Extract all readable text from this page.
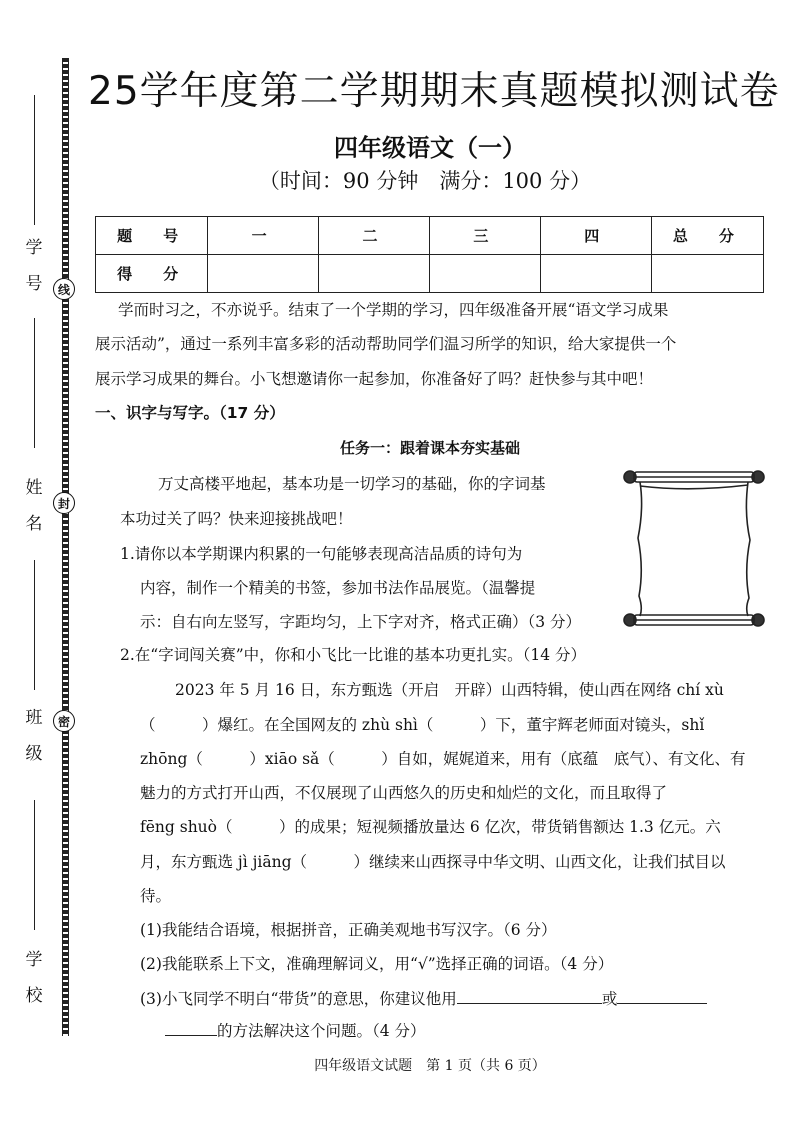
学 号
姓 名
班 级
学 校
线
封
密
25学年度第二学期期末真题模拟测试卷
四年级语文（一）
（时间：90 分钟　满分：100 分）
题　号	一	二	三	四	总　分
得　分					
学而时习之，不亦说乎。结束了一个学期的学习，四年级准备开展“语文学习成果
展示活动”，通过一系列丰富多彩的活动帮助同学们温习所学的知识，给大家提供一个
展示学习成果的舞台。小飞想邀请你一起参加，你准备好了吗？赶快参与其中吧！
一、识字与写字。（17 分）
任务一：跟着课本夯实基础
万丈高楼平地起，基本功是一切学习的基础，你的字词基
本功过关了吗？快来迎接挑战吧！
1.请你以本学期课内积累的一句能够表现高洁品质的诗句为
内容，制作一个精美的书签，参加书法作品展览。（温馨提
示：自右向左竖写，字距均匀，上下字对齐，格式正确）（3 分）
2.在“字词闯关赛”中，你和小飞比一比谁的基本功更扎实。（14 分）
2023 年 5 月 16 日，东方甄选（开启　开辟）山西特辑，使山西在网络 chí xù
（　　　）爆红。在全国网友的 zhù shì（　　　）下，董宇辉老师面对镜头，shǐ
zhōng（　　　）xiāo sǎ（　　　）自如，娓娓道来，用有（底蕴　底气）、有文化、有
魅力的方式打开山西，不仅展现了山西悠久的历史和灿烂的文化，而且取得了
fēng shuò（　　　）的成果；短视频播放量达 6 亿次，带货销售额达 1.3 亿元。六
月，东方甄选 jì jiāng（　　　）继续来山西探寻中华文明、山西文化，让我们拭目以
待。
(1)我能结合语境，根据拼音，正确美观地书写汉字。（6 分）
(2)我能联系上下文，准确理解词义，用“√”选择正确的词语。（4 分）
(3)小飞同学不明白“带货”的意思，你建议他用	或
的方法解决这个问题。（4 分）
四年级语文试题　第 1 页（共 6 页）
